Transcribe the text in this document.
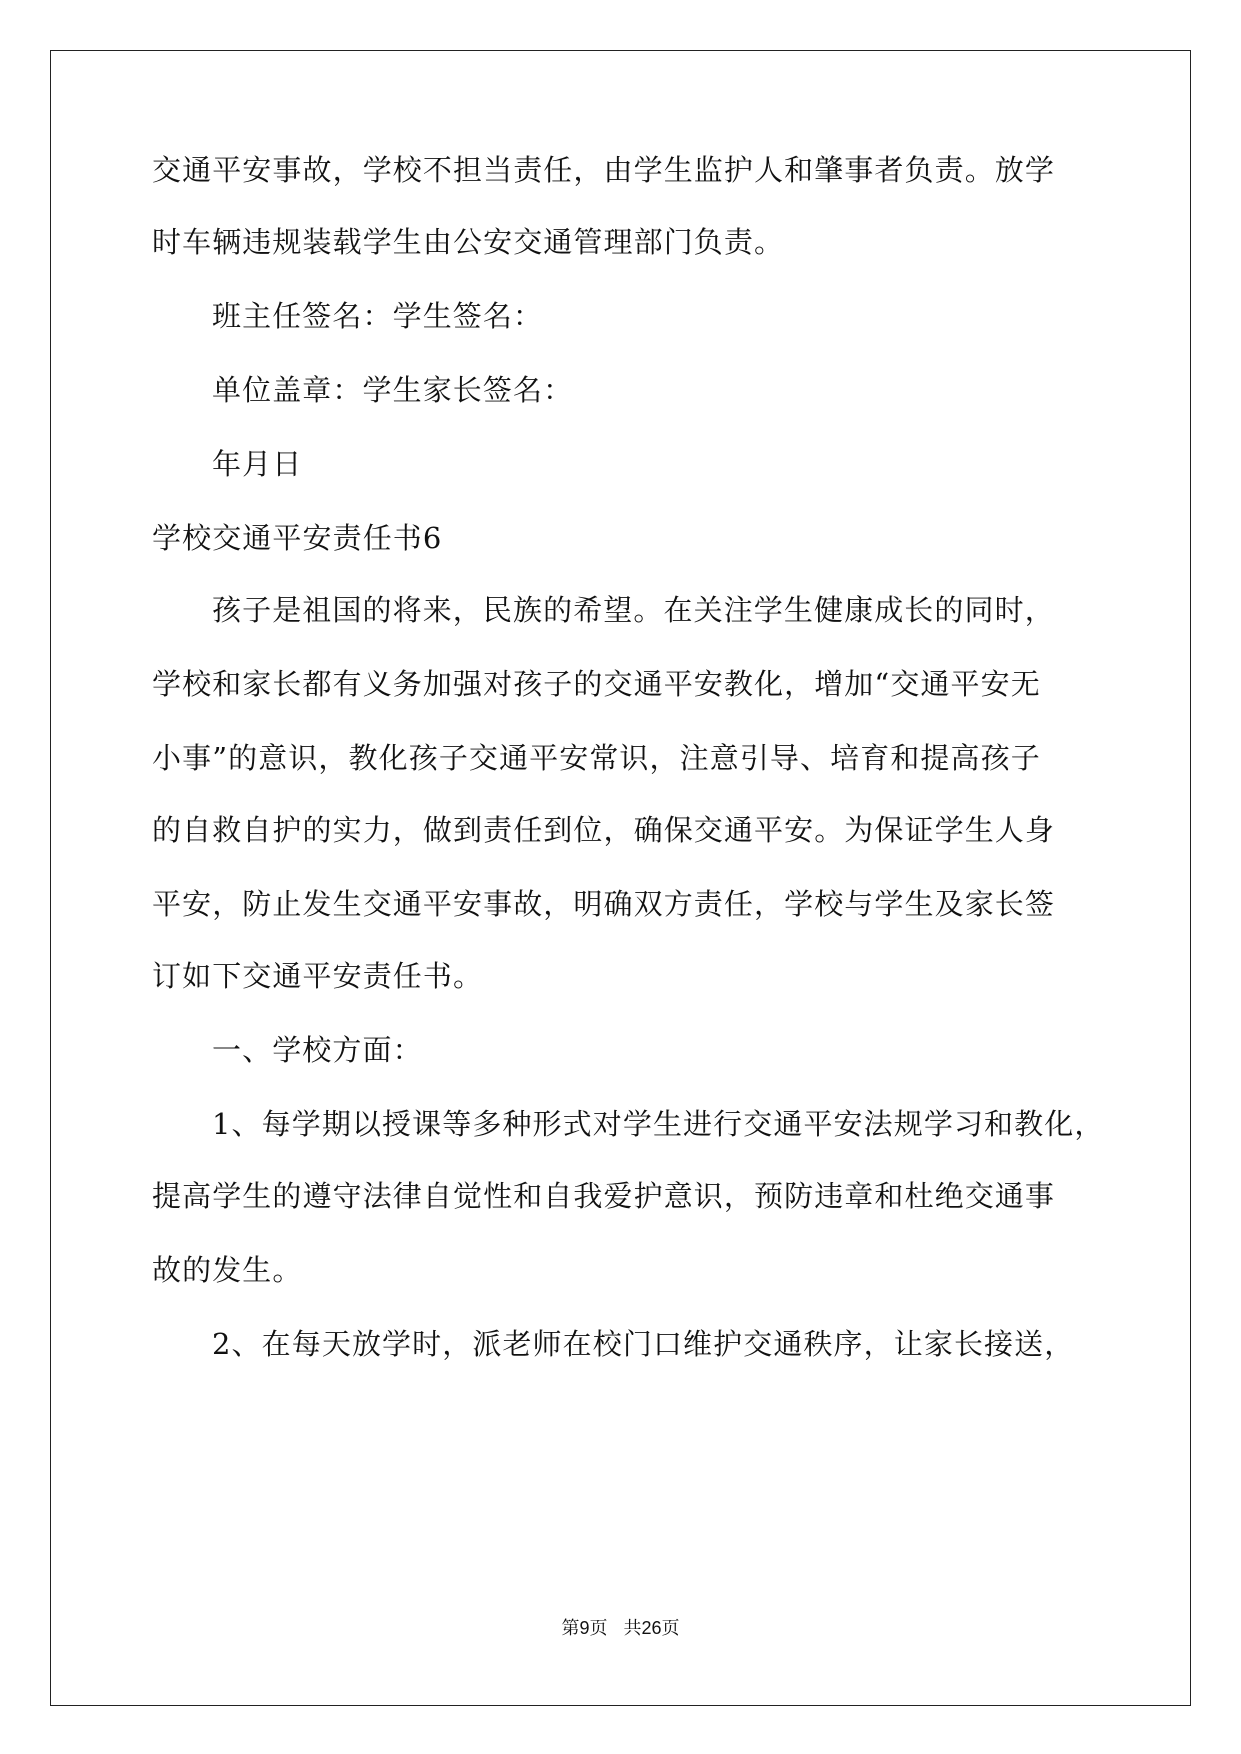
交通平安事故，学校不担当责任，由学生监护人和肇事者负责。放学
时车辆违规装载学生由公安交通管理部门负责。
班主任签名：学生签名：
单位盖章：学生家长签名：
年月日
学校交通平安责任书6
孩子是祖国的将来，民族的希望。在关注学生健康成长的同时，
学校和家长都有义务加强对孩子的交通平安教化，增加“交通平安无
小事”的意识，教化孩子交通平安常识，注意引导、培育和提高孩子
的自救自护的实力，做到责任到位，确保交通平安。为保证学生人身
平安，防止发生交通平安事故，明确双方责任，学校与学生及家长签
订如下交通平安责任书。
一、学校方面：
1、每学期以授课等多种形式对学生进行交通平安法规学习和教化，
提高学生的遵守法律自觉性和自我爱护意识，预防违章和杜绝交通事
故的发生。
2、在每天放学时，派老师在校门口维护交通秩序，让家长接送，
第9页 共26页
